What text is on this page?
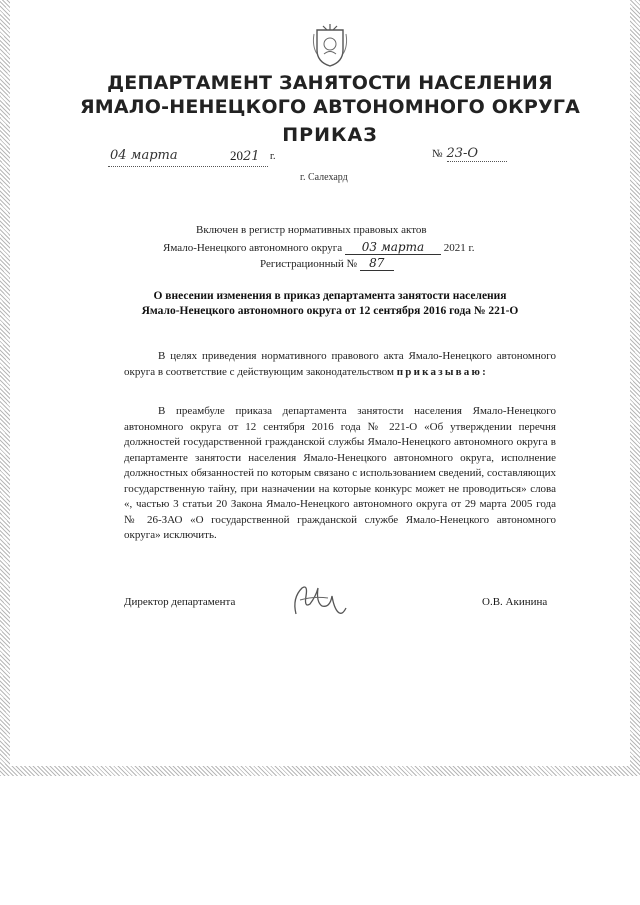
ДЕПАРТАМЕНТ ЗАНЯТОСТИ НАСЕЛЕНИЯ
ЯМАЛО-НЕНЕЦКОГО АВТОНОМНОГО ОКРУГА
ПРИКАЗ
04 марта	2021 г.	№ 23-О
г. Салехард
Включен в регистр нормативных правовых актов
Ямало-Ненецкого автономного округа 03 марта 2021 г.
Регистрационный № 87
О внесении изменения в приказ департамента занятости населения
Ямало-Ненецкого автономного округа от 12 сентября 2016 года № 221-О
В целях приведения нормативного правового акта Ямало-Ненецкого автономного округа в соответствие с действующим законодательством приказываю:
В преамбуле приказа департамента занятости населения Ямало-Ненецкого автономного округа от 12 сентября 2016 года № 221-О «Об утверждении перечня должностей государственной гражданской службы Ямало-Ненецкого автономного округа в департаменте занятости населения Ямало-Ненецкого автономного округа, исполнение должностных обязанностей по которым связано с использованием сведений, составляющих государственную тайну, при назначении на которые конкурс может не проводиться» слова «, частью 3 статьи 20 Закона Ямало-Ненецкого автономного округа от 29 марта 2005 года № 26-ЗАО «О государственной гражданской службе Ямало-Ненецкого автономного округа» исключить.
Директор департамента	О.В. Акинина
